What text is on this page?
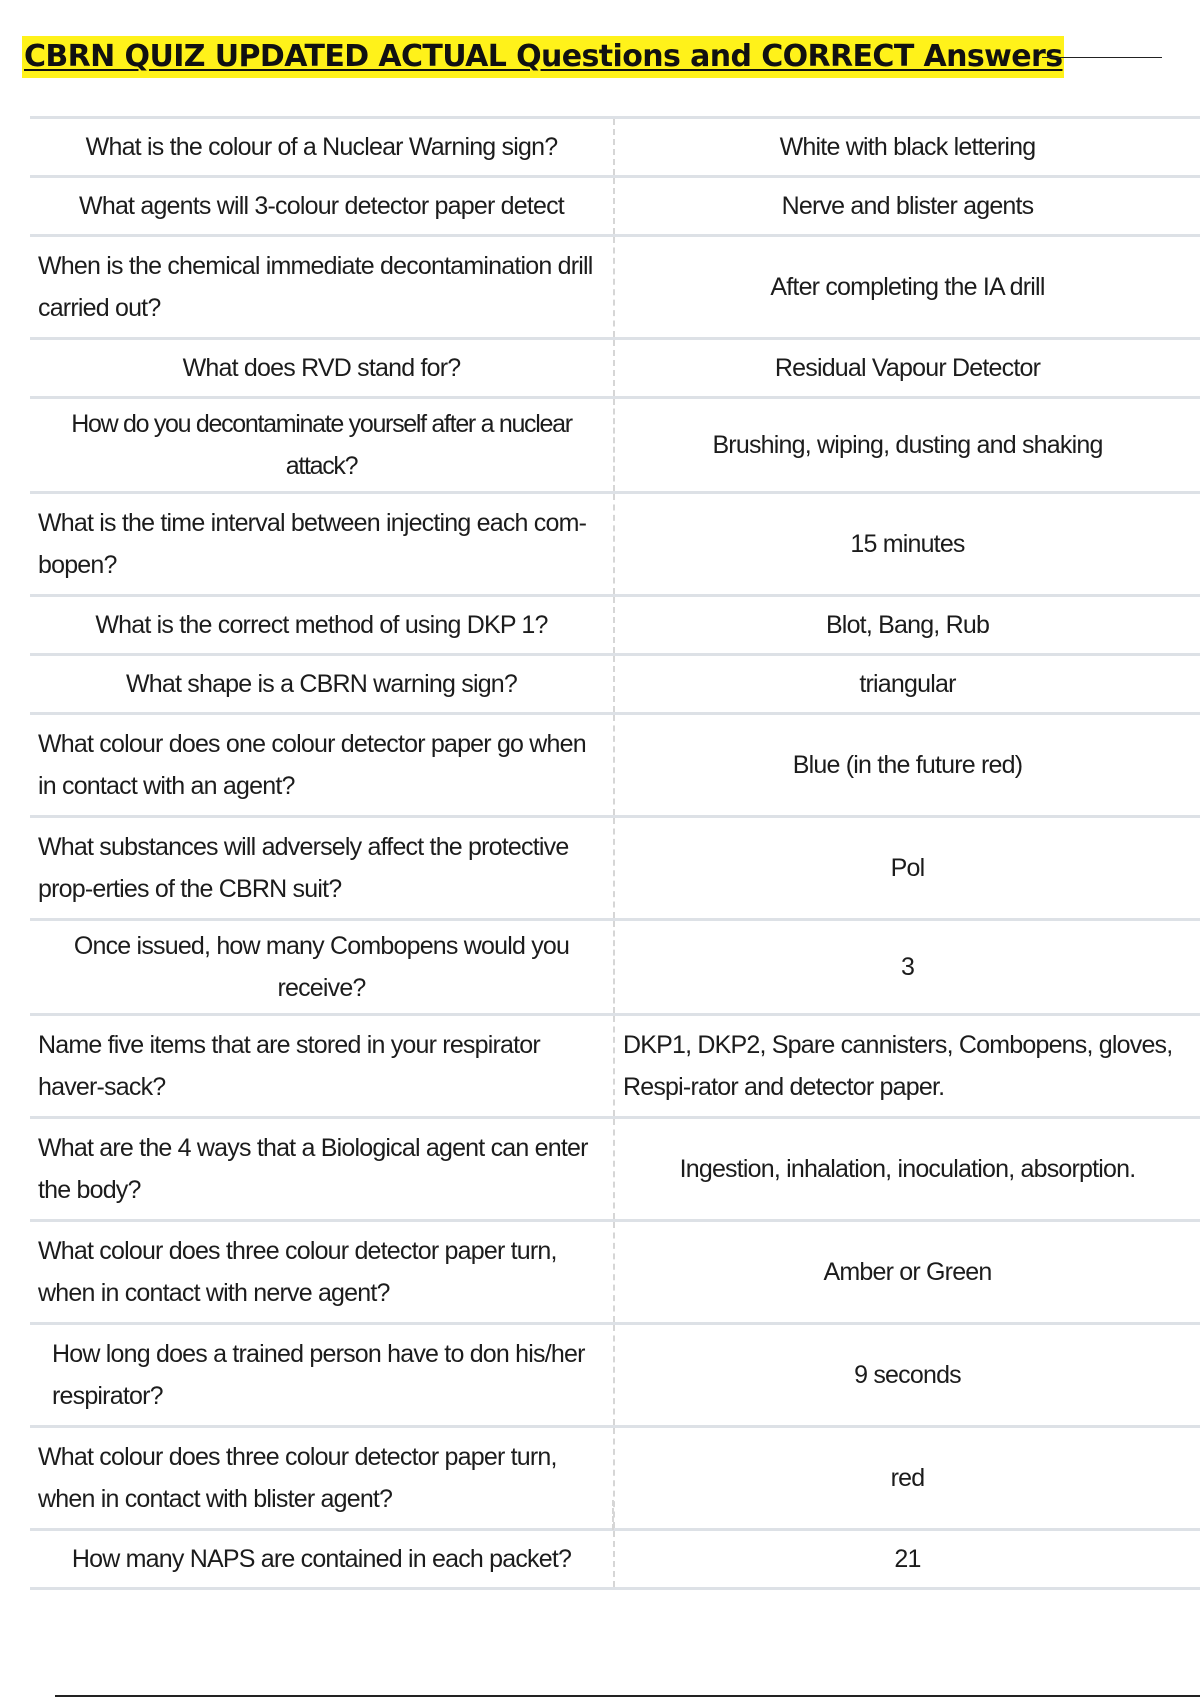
CBRN QUIZ UPDATED ACTUAL Questions and CORRECT Answers
What is the colour of a Nuclear Warning sign?	White with black lettering
What agents will 3-colour detector paper detect	Nerve and blister agents
When is the chemical immediate decontamination drill carried out?	After completing the IA drill
What does RVD stand for?	Residual Vapour Detector
How do you decontaminate yourself after a nuclear attack?	Brushing, wiping, dusting and shaking
What is the time interval between injecting each com-bopen?	15 minutes
What is the correct method of using DKP 1?	Blot, Bang, Rub
What shape is a CBRN warning sign?	triangular
What colour does one colour detector paper go when in contact with an agent?	Blue (in the future red)
What substances will adversely affect the protective prop-erties of the CBRN suit?	Pol
Once issued, how many Combopens would you receive?	3
Name five items that are stored in your respirator haver-sack?	DKP1, DKP2, Spare cannisters, Combopens, gloves, Respi-rator and detector paper.
What are the 4 ways that a Biological agent can enter the body?	Ingestion, inhalation, inoculation, absorption.
What colour does three colour detector paper turn, when in contact with nerve agent?	Amber or Green
How long does a trained person have to don his/her respirator?	9 seconds
What colour does three colour detector paper turn, when in contact with blister agent?	red
How many NAPS are contained in each packet?	21
